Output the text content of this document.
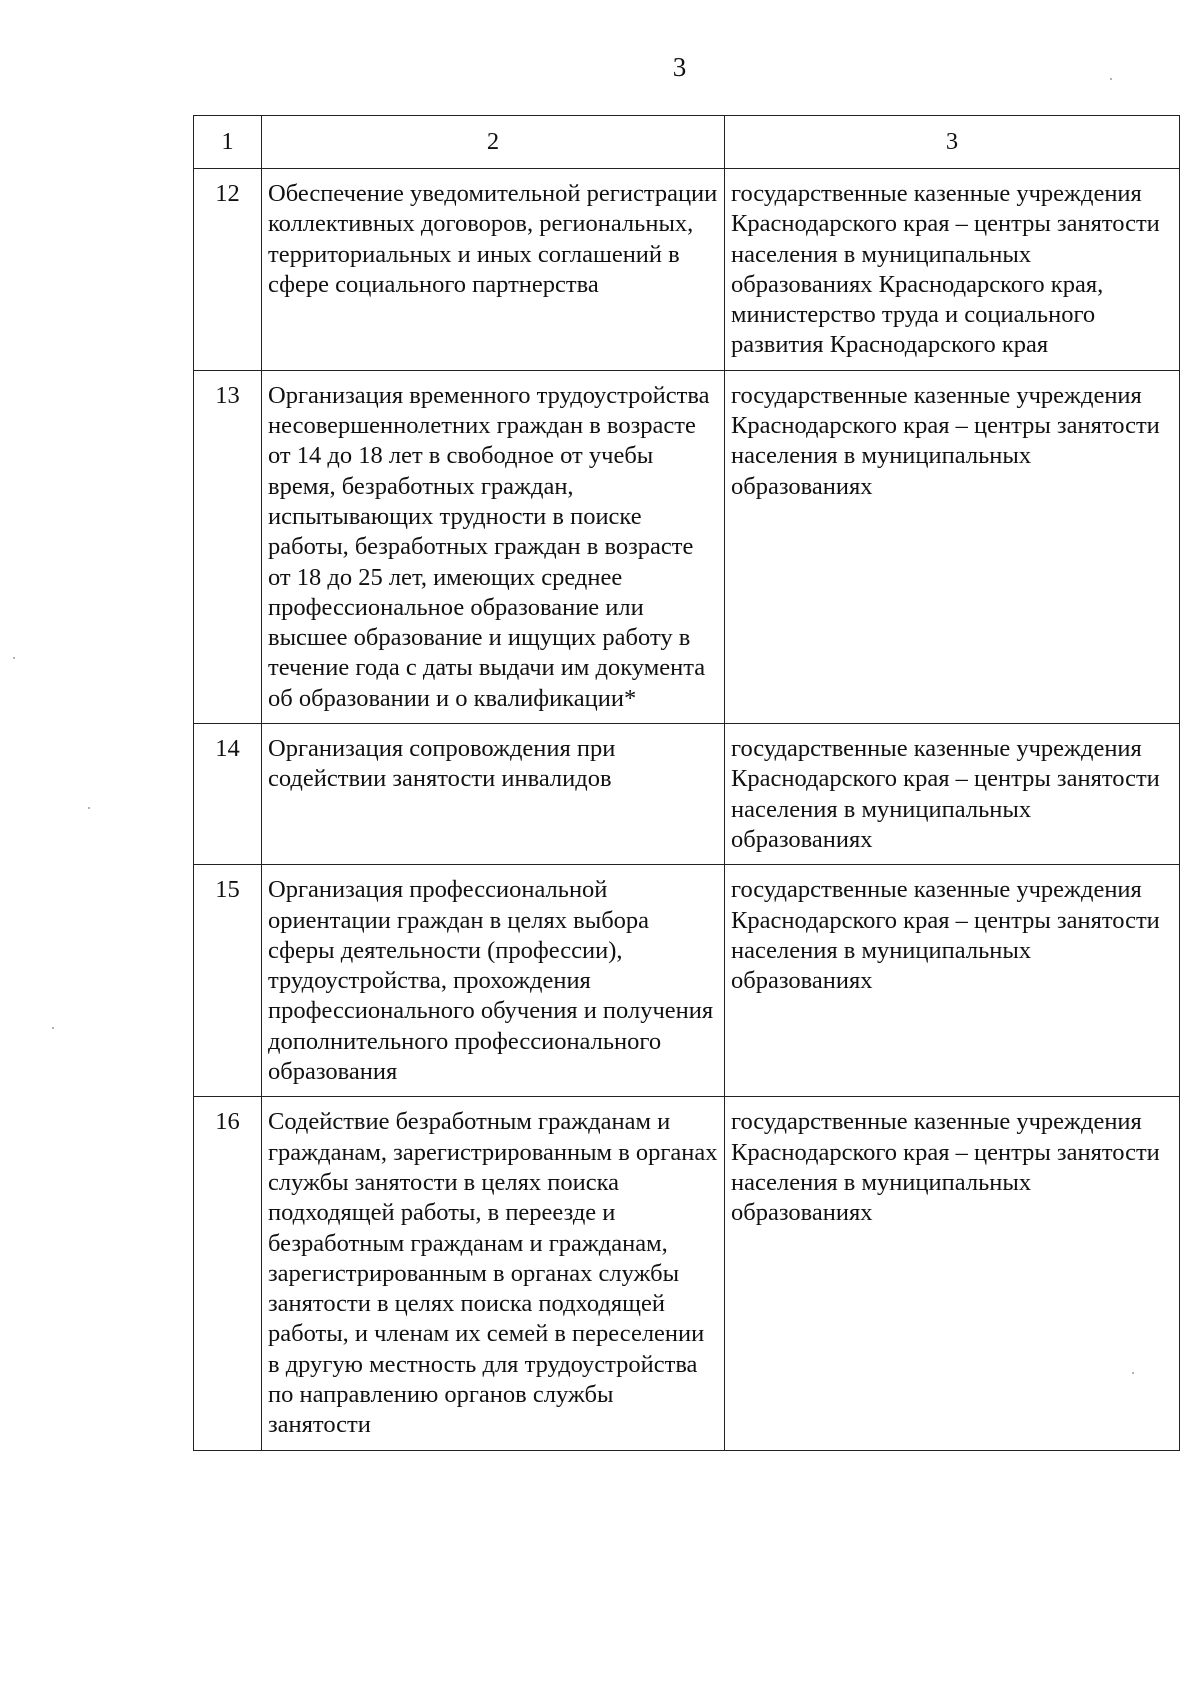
3
1	2	3
12	Обеспечение уведомительной регистрации коллективных договоров, региональных, территориальных и иных соглашений в сфере социального партнерства	государственные казенные учреждения Краснодарского края – центры занятости населения в муниципальных образованиях Краснодарского края, министерство труда и социального развития Краснодарского края
13	Организация временного трудоустройства несовершеннолетних граждан в возрасте от 14 до 18 лет в свободное от учебы время, безработных граждан, испытывающих трудности в поиске работы, безработных граждан в возрасте от 18 до 25 лет, имеющих среднее профессиональное образование или высшее образование и ищущих работу в течение года с даты выдачи им документа об образовании и о квалификации*	государственные казенные учреждения Краснодарского края – центры занятости населения в муниципальных образованиях
14	Организация сопровождения при содействии занятости инвалидов	государственные казенные учреждения Краснодарского края – центры занятости населения в муниципальных образованиях
15	Организация профессиональной ориентации граждан в целях выбора сферы деятельности (профессии), трудоустройства, прохождения профессионального обучения и получения дополнительного профессионального образования	государственные казенные учреждения Краснодарского края – центры занятости населения в муниципальных образованиях
16	Содействие безработным гражданам и гражданам, зарегистрированным в органах службы занятости в целях поиска подходящей работы, в переезде и безработным гражданам и гражданам, зарегистрированным в органах службы занятости в целях поиска подходящей работы, и членам их семей в переселении в другую местность для трудоустройства по направлению органов службы занятости	государственные казенные учреждения Краснодарского края – центры занятости населения в муниципальных образованиях
